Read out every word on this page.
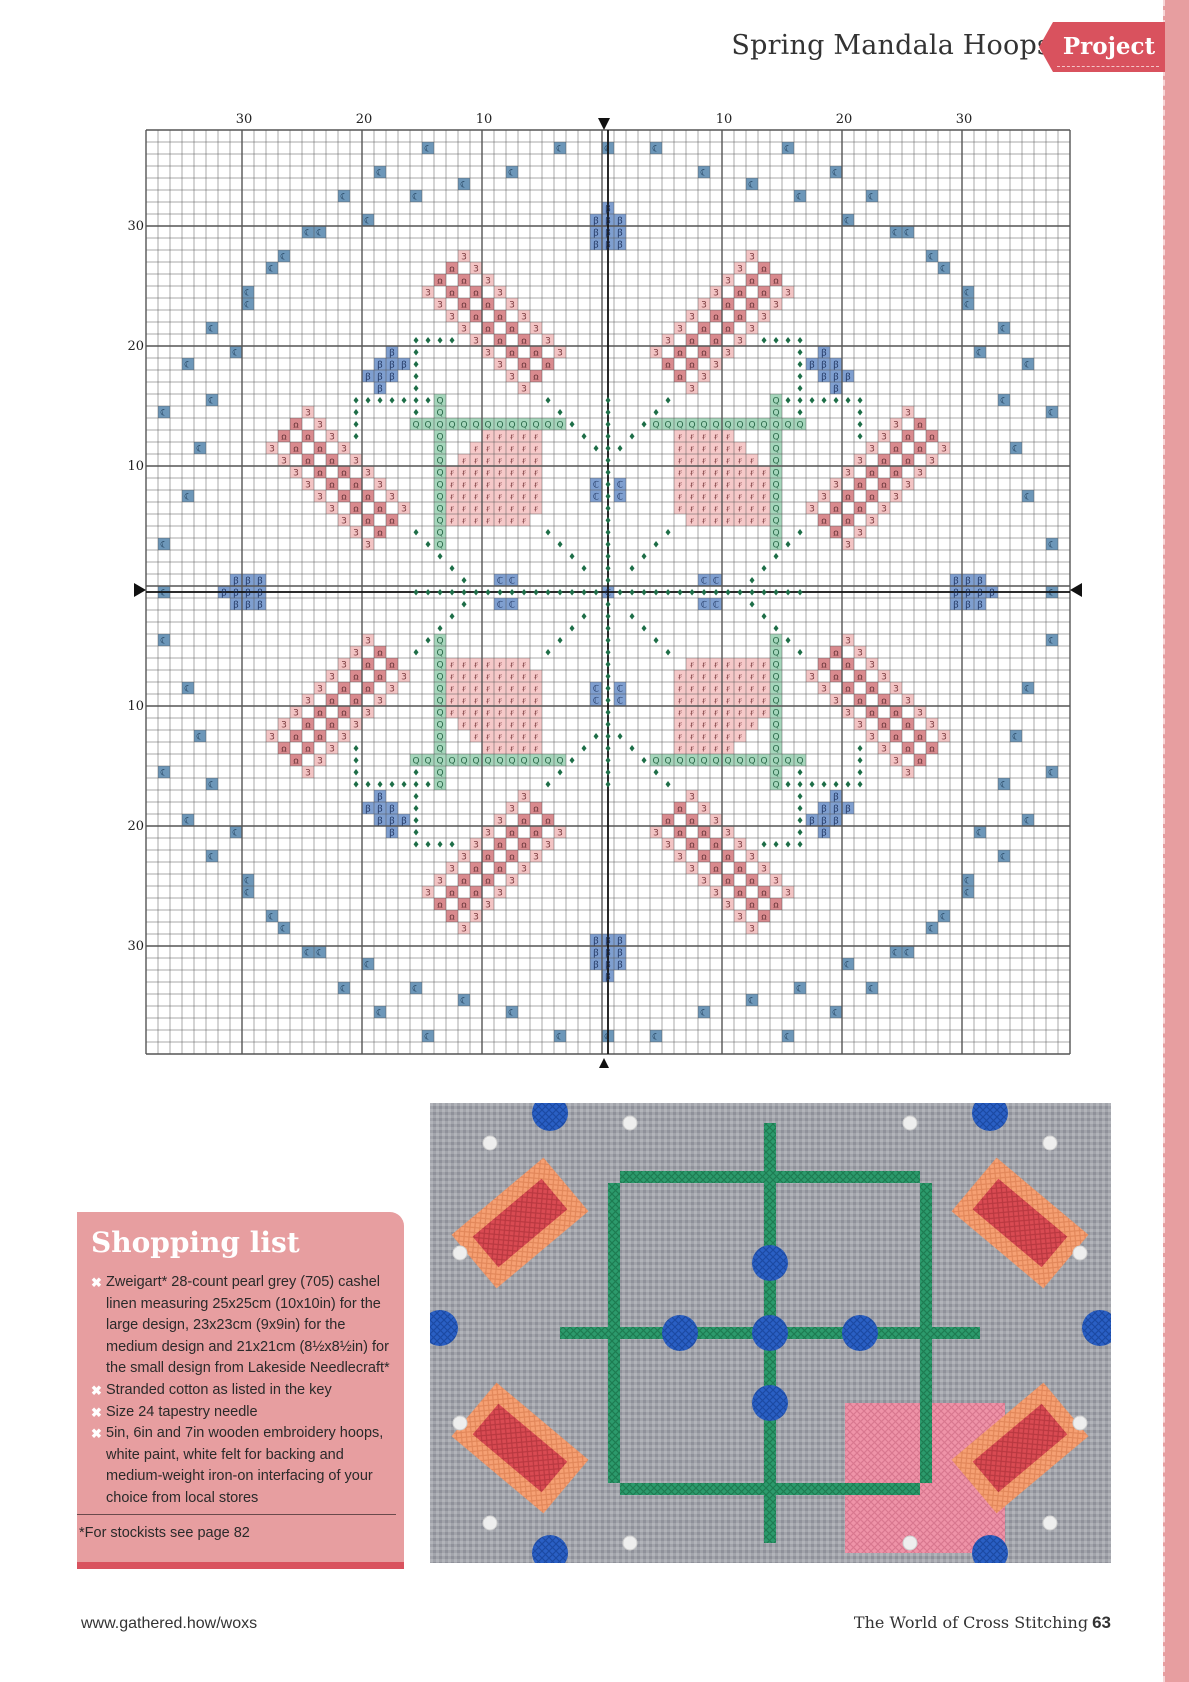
Spring Mandala Hoops Project
ꭥ
ꭥ
ꭥ
ꭥ
ꭥ
ꭥ
ꭥ
ꭥ
ꭥ
ꭥ
ꭥ
ꭥ
ꭥ
ꭥ
ꭥ
ꭥ
ꭥ
ꭥ
ꭥ
ꭥ
ꭥ
ꭥ
ꭥ
ꭥ
ꭥ
ꭥ
ꭥ
ꭥ
ꭥ
ꭥ
ꭥ
ꭥ
ꭥ
ꭥ
ꭥ
ꭥ
ꭥ
ꭥ
ꭥ
ꭥ
ꭥ
ꭥ
ꭥ
ꭥ
ꭥ
ꭥ
ꭥ
ꭥ
ꭥ
ꭥ
ꭥ
ꭥ
ꭥ
ꭥ
ꭥ
ꭥ
ꭥ
ꭥ
ꭥ
ꭥ
ꭥ
ꭥ
ꭥ
ꭥ
ꭥ
ꭥ
ꭥ
ꭥ
ꭥ
ꭥ
ꭥ
ꭥ
ꭥ
ꭥ
ꭥ
ꭥ
ꭥ
ꭥ
ꭥ
ꭥ
ꭥ
ꭥ
ꭥ
ꭥ
ꭥ
ꭥ
ꭥ
ꭥ
ꭥ
ꭥ
ꭥ
ꭥ
ꭥ
ꭥ
ꭥ
ꭥ
ꭥ
ꭥ
ꭥ
ꭥ
ꭥ
ꭥ
ꭥ
ꭥ
ꭥ
ꭥ
ꭥ
ꭥ
ꭥ
ꭥ
ꭥ
ꭥ
ꭥ
ꭥ
ꭥ
ꭥ
ꭥ
ꭥ
ꭥ
ꭥ
ꭥ
ꭥ
ꭥ
ꭥ
ꭥ
ꭥ
ꭥ
ꭥ
ꭥ
ꭥ
ꭥ
ꭥ
ꭥ
ꭥ
ꭥ
ꭥ
ꭥ
ꭥ
ꭥ
ꭥ
ꭥ
ꭥ
ꭥ
ꭥ
3
3
3
3
3
3
3
3
3
3
3
3
3
3
3
3
3
3
3
3
3
3
3
3
3
3
3
3
3
3
3
3
3
3
3
3
3
3
3
3
3
3
3
3
3
3
3
3
3
3
3
3
3
3
3
3
3
3
3
3
3
3
3
3
3
3
3
3
3
3
3
3
3
3
3
3
3
3
3
3
3
3
3
3
3
3
3
3
3
3
3
3
3
3
3
3
3
3
3
3
3
3
3
3
3
3
3
3
3
3
3
3
3
3
3
3
3
3
3
3
3
3
3
3
3
3
3
3
3
3
3
3
3
3
3
3
3
3
3
3
3
3
3
3
ꞧ
ꞧ
ꞧ
ꞧ
ꞧ
ꞧ
ꞧ
ꞧ
ꞧ
ꞧ
ꞧ
ꞧ
ꞧ
ꞧ
ꞧ
ꞧ
ꞧ
ꞧ
ꞧ
ꞧ
ꞧ
ꞧ
ꞧ
ꞧ
ꞧ
ꞧ
ꞧ
ꞧ
ꞧ
ꞧ
ꞧ
ꞧ
ꞧ
ꞧ
ꞧ
ꞧ
ꞧ
ꞧ
ꞧ
ꞧ
ꞧ
ꞧ
ꞧ
ꞧ
ꞧ
ꞧ
ꞧ
ꞧ
ꞧ
ꞧ
ꞧ
ꞧ
ꞧ
ꞧ
ꞧ
ꞧ
ꞧ
ꞧ
ꞧ
ꞧ
ꞧ
ꞧ
ꞧ
ꞧ
ꞧ
ꞧ
ꞧ
ꞧ
ꞧ
ꞧ
ꞧ
ꞧ
ꞧ
ꞧ
ꞧ
ꞧ
ꞧ
ꞧ
ꞧ
ꞧ
ꞧ
ꞧ
ꞧ
ꞧ
ꞧ
ꞧ
ꞧ
ꞧ
ꞧ
ꞧ
ꞧ
ꞧ
ꞧ
ꞧ
ꞧ
ꞧ
ꞧ
ꞧ
ꞧ
ꞧ
ꞧ
ꞧ
ꞧ
ꞧ
ꞧ
ꞧ
ꞧ
ꞧ
ꞧ
ꞧ
ꞧ
ꞧ
ꞧ
ꞧ
ꞧ
ꞧ
ꞧ
ꞧ
ꞧ
ꞧ
ꞧ
ꞧ
ꞧ
ꞧ
ꞧ
ꞧ
ꞧ
ꞧ
ꞧ
ꞧ
ꞧ
ꞧ
ꞧ
ꞧ
ꞧ
ꞧ
ꞧ
ꞧ
ꞧ
ꞧ
ꞧ
ꞧ
ꞧ
ꞧ
ꞧ
ꞧ
ꞧ
ꞧ
ꞧ
ꞧ
ꞧ
ꞧ
ꞧ
ꞧ
ꞧ
ꞧ
ꞧ
ꞧ
ꞧ
ꞧ
ꞧ
ꞧ
ꞧ
ꞧ
ꞧ
ꞧ
ꞧ
ꞧ
ꞧ
ꞧ
ꞧ
ꞧ
ꞧ
ꞧ
ꞧ
ꞧ
ꞧ
ꞧ
ꞧ
ꞧ
ꞧ
ꞧ
ꞧ
ꞧ
ꞧ
ꞧ
ꞧ
ꞧ
ꞧ
ꞧ
ꞧ
ꞧ
ꞧ
ꞧ
ꞧ
ꞧ
ꞧ
ꞧ
ꞧ
ꞧ
ꞧ
ꞧ
ꞧ
ꞧ
ꞧ
ꞧ
ꞧ
ꞧ
ꞧ
ꞧ
ꞧ
ꞧ
ꞧ
ꞧ
ꞧ
ꞧ
ꞧ
ꞧ
ꞧ
ꞧ
ꞧ
ꞧ
ꞧ
ꞧ
ꞧ
ꞧ
ꞧ
ꞧ
Q
Q
Q
Q
Q
Q
Q
Q
Q
Q
Q
Q
Q
Q
Q
Q
Q
Q
Q
Q
Q
Q
Q
Q
Q
Q
Q
Q
Q
Q
Q
Q
Q
Q
Q
Q
Q
Q
Q
Q
Q
Q
Q
Q
Q
Q
Q
Q
Q
Q
Q
Q
Q
Q
Q
Q
Q
Q
Q
Q
Q
Q
Q
Q
Q
Q
Q
Q
Q
Q
Q
Q
Q
Q
Q
Q
Q
Q
Q
Q
Q
Q
Q
Q
Q
Q
Q
Q
Q
Q
Q
Q
Q
Q
Q
Q
Q
Q
Q
Q
♦
♦
♦
♦
♦
♦
♦
♦
♦
♦
♦
♦
♦
♦
♦
♦
♦
♦
♦
♦
♦
♦
♦
♦
♦
♦
♦
♦
♦
♦
♦
♦
♦
♦
♦
♦
♦
♦
♦
♦
♦
♦
♦
♦
♦
♦
♦
♦
♦
♦
♦
♦
♦
♦
♦
♦
♦
♦
♦
♦
♦
♦
♦
♦
♦
♦
♦
♦
♦
♦
♦
♦
♦
♦
♦
♦
♦
♦
♦
♦
♦
♦
♦
♦
♦
♦
♦
♦
♦
♦
♦
♦
♦
♦
♦
♦
♦
♦
♦
♦
♦
♦
♦
♦
♦
♦
♦
♦
♦
♦
♦
♦
♦
♦
♦
♦
♦
♦
♦
♦
♦
♦
♦
♦
♦
♦
♦
♦
♦
♦
♦
♦
♦
♦
♦
♦
♦
♦
♦
♦
♦
♦
♦
♦
♦
♦
♦
♦
♦
♦
♦
♦
♦
♦
♦
♦
♦
♦
♦
♦
♦
♦
♦
♦
♦
♦
♦
♦
♦
♦
♦
♦
♦
♦
♦
♦
♦
♦
♦
♦
♦
♦
♦
♦
♦
♦
♦
♦
♦
♦
♦
♦
♦
♦
♦
♦
ℂ
ℂ
ℂ
ℂ
ℂ
ℂ
ℂ
ℂ
ℂ
ℂ
ℂ
ℂ
ℂ
ℂ
ℂ
ℂ
ℂ
ꞵ
ꞵ
ꞵ
ꞵ
ꞵ
ꞵ
ꞵ
ꞵ
ꞵ
ꞵ
ꞵ
ꞵ
ꞵ
ꞵ
ꞵ
ꞵ
ꞵ
ꞵ
ꞵ
ꞵ
ꞵ
ꞵ
ꞵ
ꞵ
ꞵ
ꞵ
ꞵ
ꞵ
ꞵ
ꞵ
ꞵ
ꞵ
ꞵ
ꞵ
ꞵ
ꞵ
ꞵ
ꞵ
ꞵ
ꞵ
ꞵ
ꞵ
ꞵ
ꞵ
ꞵ
ꞵ
ꞵ
ꞵ
ꞵ
ꞵ
ꞵ
ꞵ
ꞵ
ꞵ
ꞵ
ꞵ
ꞵ
ꞵ
ꞵ
ꞵ
ꞵ
ꞵ
ꞵ
ꞵ
ꞵ
ꞵ
ꞵ
ꞵ
ꞵ
ꞵ
ꞵ
ꞵ
☾
☾
☾
☾
☾
☾
☾
☾
☾
☾
☾
☾
☾
☾
☾
☾
☾
☾
☾
☾
☾
☾
☾
☾
☾
☾
☾
☾
☾
☾
☾
☾
☾
☾
☾
☾
☾
☾
☾
☾
☾
☾
☾
☾
☾
☾
☾
☾
☾
☾
☾
☾
☾
☾
☾
☾
☾
☾
☾
☾
☾
☾
☾
☾
☾
☾
☾
☾
☾
☾
☾
☾
☾
☾
☾
☾
☾
☾
☾
☾
☾
☾
☾
☾
☾
☾
☾
☾
☾
☾
☾
☾
30	20	10	10	20	30
30
20
10
10
20
30
Shopping list
✖ Zweigart* 28-count pearl grey (705) cashel linen measuring 25x25cm (10x10in) for the large design, 23x23cm (9x9in) for the medium design and 21x21cm (8½x8½in) for the small design from Lakeside Needlecraft*
✖ Stranded cotton as listed in the key
✖ Size 24 tapestry needle
✖ 5in, 6in and 7in wooden embroidery hoops, white paint, white felt for backing and medium-weight iron-on interfacing of your choice from local stores
*For stockists see page 82
www.gathered.how/woxs	The World of Cross Stitching 63
